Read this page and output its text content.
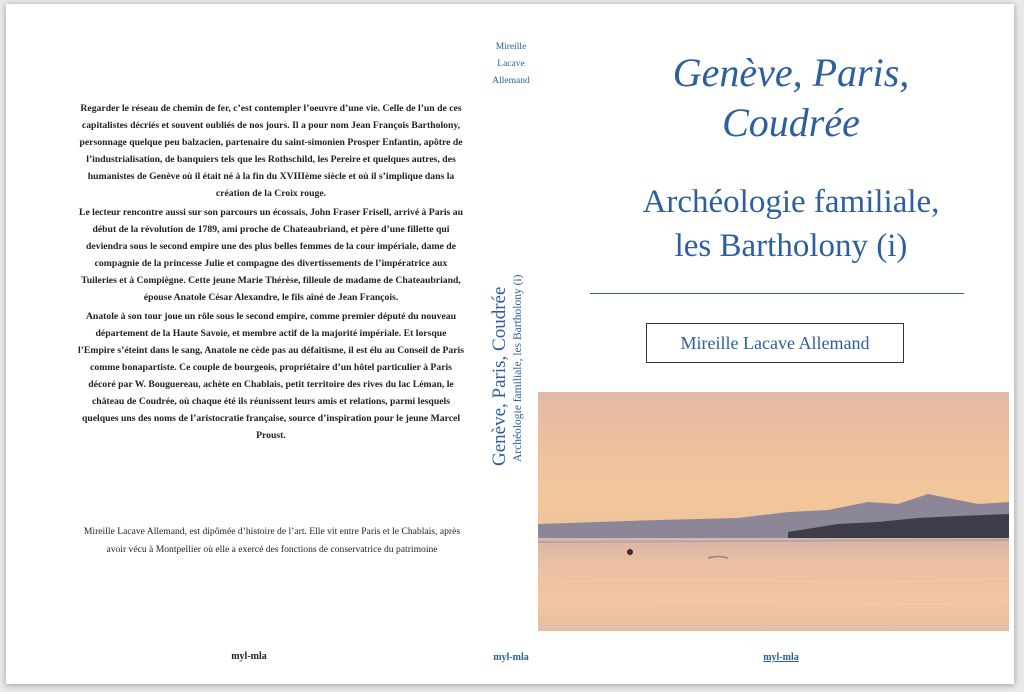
Regarder le réseau de chemin de fer, c’est contempler l’oeuvre d’une vie. Celle de l’un de ces capitalistes décriés et souvent oubliés de nos jours. Il a pour nom Jean François Bartholony, personnage quelque peu balzacien, partenaire du saint-simonien Prosper Enfantin, apôtre de l’industrialisation, de banquiers tels que les Rothschild, les Pereire et quelques autres, des humanistes de Genève où il était né à la fin du XVIIIème siècle et où il s’implique dans la création de la Croix rouge.

Le lecteur rencontre aussi sur son parcours un écossais, John Fraser Frisell, arrivé à Paris au début de la révolution de 1789, ami proche de Chateaubriand, et père d’une fillette qui deviendra sous le second empire une des plus belles femmes de la cour impériale, dame de compagnie de la princesse Julie et compagne des divertissements de l’impératrice aux Tuileries et à Compiègne. Cette jeune Marie Thérèse, filleule de madame de Chateaubriand, épouse Anatole César Alexandre, le fils aîné de Jean François.

Anatole à son tour joue un rôle sous le second empire, comme premier député du nouveau département de la Haute Savoie, et membre actif de la majorité impériale. Et lorsque l’Empire s’éteint dans le sang, Anatole ne cède pas au défaitisme, il est élu au Conseil de Paris comme bonapartiste. Ce couple de bourgeois, propriétaire d’un hôtel particulier à Paris décoré par W. Bouguereau, achète en Chablais, petit territoire des rives du lac Léman, le château de Coudrée, où chaque été ils réunissent leurs amis et relations, parmi lesquels quelques uns des noms de l’aristocratie française, source d’inspiration pour le jeune Marcel Proust.

Mireille Lacave Allemand, est dipômée d’histoire de l’art. Elle vit entre Paris et le Chablais, après avoir vécu à Montpellier où elle a exercé des fonctions de conservatrice du patrimoine
myl-mla
Mireille
Lacave
Allemand
Genève, Paris, Coudrée Archéologie familiale, les Bartholony (i)
myl-mla
Genève, Paris,
Coudrée
Archéologie familiale,
les Bartholony (i)
Mireille Lacave Allemand
myl-mla
